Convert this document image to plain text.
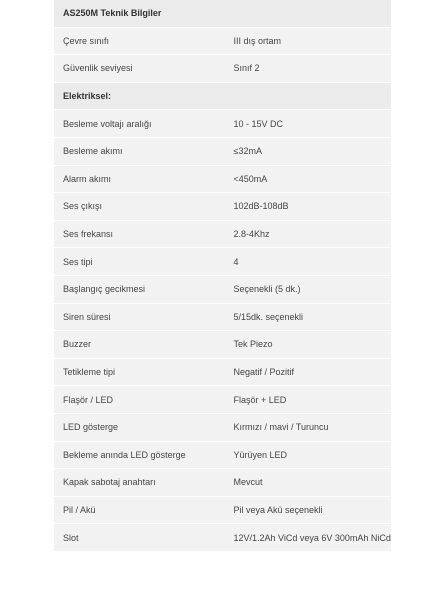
AS250M Teknik Bilgiler	
Çevre sınıfı	III dış ortam
Güvenlik seviyesi	Sınıf 2
Elektriksel:	
Besleme voltajı aralığı	10 - 15V DC
Besleme akımı	≤32mA
Alarm akımı	<450mA
Ses çıkışı	102dB-108dB
Ses frekansı	2.8-4Khz
Ses tipi	4
Başlangıç gecikmesi	Seçenekli (5 dk.)
Siren süresi	5/15dk. seçenekli
Buzzer	Tek Piezo
Tetikleme tipi	Negatif / Pozitif
Flaşör / LED	Flaşör + LED
LED gösterge	Kırmızı / mavi / Turuncu
Bekleme anında LED gösterge	Yürüyen LED
Kapak sabotaj anahtarı	Mevcut
Pil / Akü	Pil veya Akü seçenekli
Slot	12V/1.2Ah ViCd veya 6V 300mAh NiCd
